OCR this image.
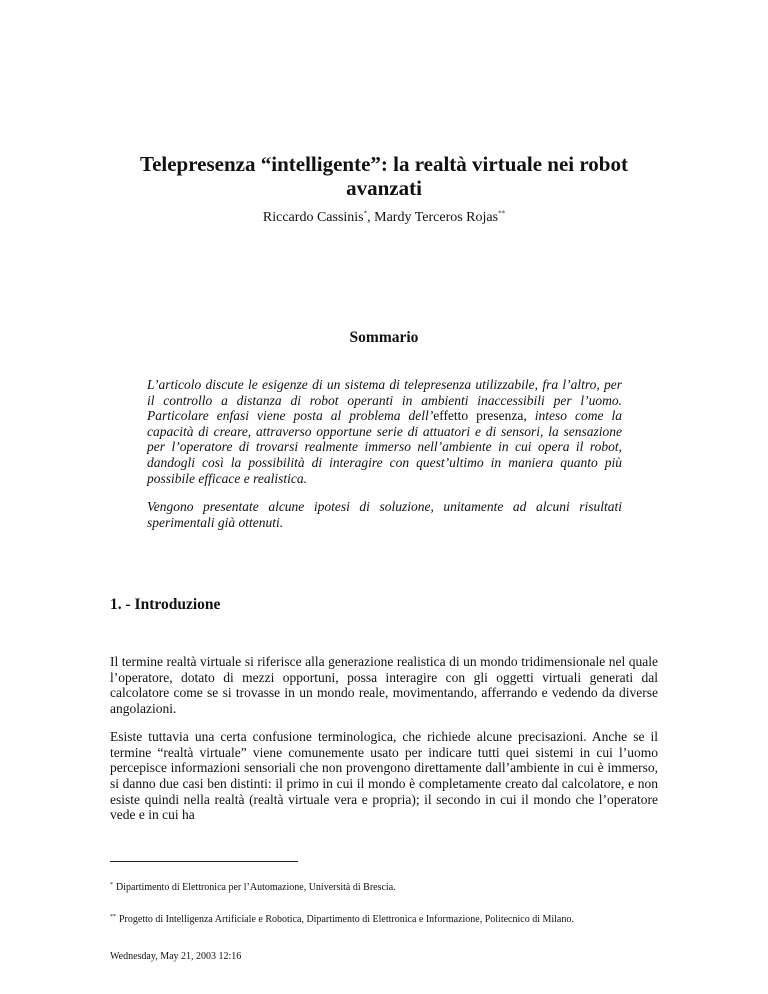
Telepresenza “intelligente”: la realtà virtuale nei robot avanzati
Riccardo Cassinis*, Mardy Terceros Rojas**
Sommario

L’articolo discute le esigenze di un sistema di telepresenza utilizzabile, fra l’altro, per il controllo a distanza di robot operanti in ambienti inaccessibili per l’uomo. Particolare enfasi viene posta al problema dell’effetto presenza, inteso come la capacità di creare, attraverso opportune serie di attuatori e di sensori, la sensazione per l’operatore di trovarsi realmente immerso nell’ambiente in cui opera il robot, dandogli così la possibilità di interagire con quest’ultimo in maniera quanto più possibile efficace e realistica.

Vengono presentate alcune ipotesi di soluzione, unitamente ad alcuni risultati sperimentali già ottenuti.

1. - Introduzione

Il termine realtà virtuale si riferisce alla generazione realistica di un mondo tridimensionale nel quale l’operatore, dotato di mezzi opportuni, possa interagire con gli oggetti virtuali generati dal calcolatore come se si trovasse in un mondo reale, movimentando, afferrando e vedendo da diverse angolazioni.

Esiste tuttavia una certa confusione terminologica, che richiede alcune precisazioni. Anche se il termine “realtà virtuale” viene comunemente usato per indicare tutti quei sistemi in cui l’uomo percepisce informazioni sensoriali che non provengono direttamente dall’ambiente in cui è immerso, si danno due casi ben distinti: il primo in cui il mondo è completamente creato dal calcolatore, e non esiste quindi nella realtà (realtà virtuale vera e propria); il secondo in cui il mondo che l’operatore vede e in cui ha

* Dipartimento di Elettronica per l’Automazione, Università di Brescia.
** Progetto di Intelligenza Artificiale e Robotica, Dipartimento di Elettronica e Informazione, Politecnico di Milano.
Wednesday, May 21, 2003 12:16
